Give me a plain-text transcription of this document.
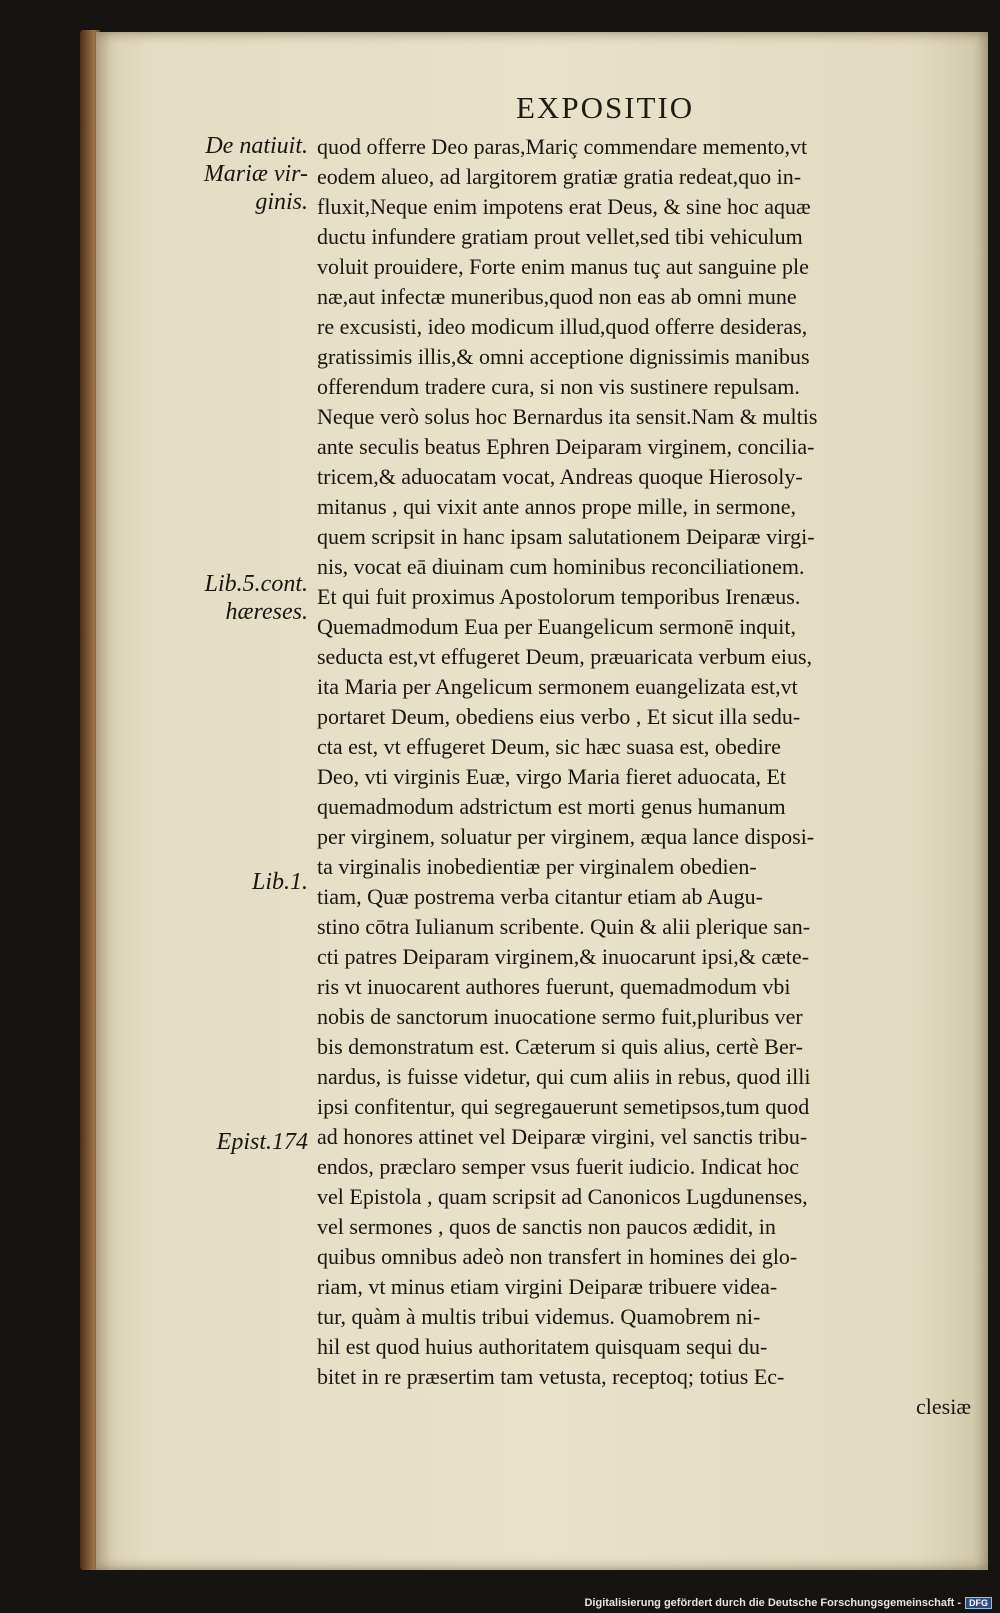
EXPOSITIO
De natiuit.
Mariæ vir-
ginis.
Lib.5.cont.
hæreses.
Lib.1.
Epist.174
quod offerre Deo paras,Mariç commendare memento,vt
eodem alueo, ad largitorem gratiæ gratia redeat,quo in-
fluxit,Neque enim impotens erat Deus, & sine hoc aquæ
ductu infundere gratiam prout vellet,sed tibi vehiculum
voluit prouidere, Forte enim manus tuç aut sanguine ple
næ,aut infectæ muneribus,quod non eas ab omni mune
re excusisti, ideo modicum illud,quod offerre desideras,
gratissimis illis,& omni acceptione dignissimis manibus
offerendum tradere cura, si non vis sustinere repulsam.
Neque verò solus hoc Bernardus ita sensit.Nam & multis
ante seculis beatus Ephren Deiparam virginem, concilia-
tricem,& aduocatam vocat, Andreas quoque Hierosoly-
mitanus , qui vixit ante annos prope mille, in sermone,
quem scripsit in hanc ipsam salutationem Deiparæ virgi-
nis, vocat eā diuinam cum hominibus reconciliationem.
Et qui fuit proximus Apostolorum temporibus Irenæus.
Quemadmodum Eua per Euangelicum sermonē inquit,
seducta est,vt effugeret Deum, præuaricata verbum eius,
ita Maria per Angelicum sermonem euangelizata est,vt
portaret Deum, obediens eius verbo , Et sicut illa sedu-
cta est, vt effugeret Deum, sic hæc suasa est, obedire
Deo, vti virginis Euæ, virgo Maria fieret aduocata, Et
quemadmodum adstrictum est morti genus humanum
per virginem, soluatur per virginem, æqua lance disposi-
ta virginalis inobedientiæ per virginalem obedien-
tiam, Quæ postrema verba citantur etiam ab Augu-
stino cōtra Iulianum scribente. Quin & alii plerique san-
cti patres Deiparam virginem,& inuocarunt ipsi,& cæte-
ris vt inuocarent authores fuerunt, quemadmodum vbi
nobis de sanctorum inuocatione sermo fuit,pluribus ver
bis demonstratum est. Cæterum si quis alius, certè Ber-
nardus, is fuisse videtur, qui cum aliis in rebus, quod illi
ipsi confitentur, qui segregauerunt semetipsos,tum quod
ad honores attinet vel Deiparæ virgini, vel sanctis tribu-
endos, præclaro semper vsus fuerit iudicio. Indicat hoc
vel Epistola , quam scripsit ad Canonicos Lugdunenses,
vel sermones , quos de sanctis non paucos ædidit, in
quibus omnibus adeò non transfert in homines dei glo-
riam, vt minus etiam virgini Deiparæ tribuere videa-
tur, quàm à multis tribui videmus. Quamobrem ni-
hil est quod huius authoritatem quisquam sequi du-
bitet in re præsertim tam vetusta, receptoq; totius Ec-
clesiæ
Digitalisierung gefördert durch die Deutsche Forschungsgemeinschaft - DFG
